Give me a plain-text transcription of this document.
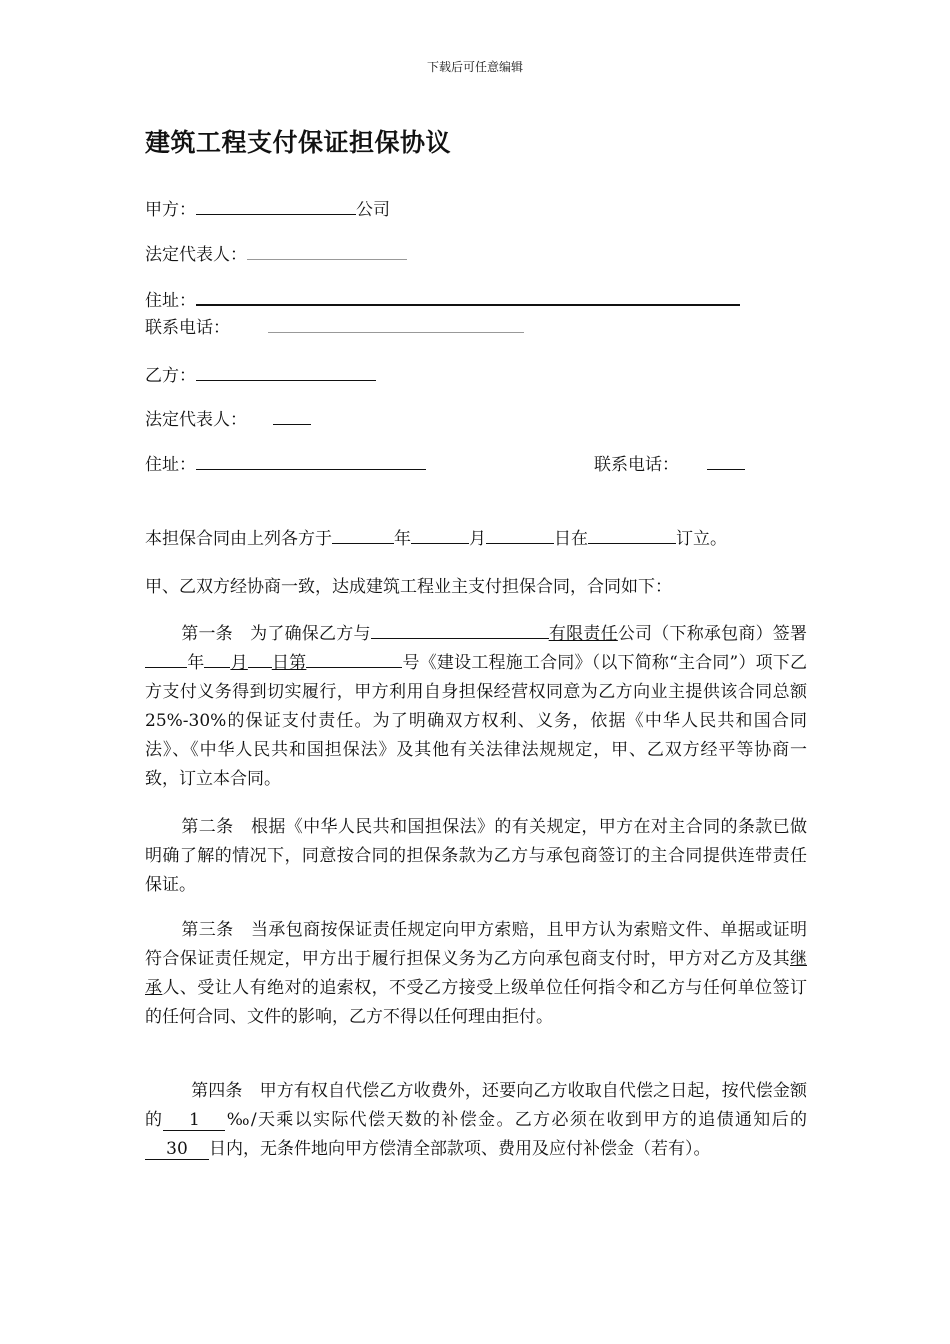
下载后可任意编辑
建筑工程支付保证担保协议
甲方：	公司
法定代表人：
住址：
联系电话：
乙方：
法定代表人：
住址：	联系电话：
本担保合同由上列各方于	年	月	日在	订立。
甲、乙双方经协商一致，达成建筑工程业主支付担保合同，合同如下：
第一条　 为了确保乙方与	有限责任公司（下称承包商）签署年 月 日第	号《建设工程施工合同》（以下简称“主合同”）项下乙方支付义务得到切实履行，甲方利用自身担保经营权同意为乙方向业主提供该合同总额25%-30%的保证支付责任。为了明确双方权利、义务，依据《中华人民共和国合同法》、《中华人民共和国担保法》及其他有关法律法规规定，甲、乙双方经平等协商一致，订立本合同。
第二条　 根据《中华人民共和国担保法》的有关规定，甲方在对主合同的条款已做明确了解的情况下，同意按合同的担保条款为乙方与承包商签订的主合同提供连带责任保证。
第三条　 当承包商按保证责任规定向甲方索赔，且甲方认为索赔文件、单据或证明符合保证责任规定，甲方出于履行担保义务为乙方向承包商支付时，甲方对乙方及其继承人、受让人有绝对的追索权，不受乙方接受上级单位任何指令和乙方与任何单位签订的任何合同、文件的影响，乙方不得以任何理由拒付。
第四条　 甲方有权自代偿乙方收费外，还要向乙方收取自代偿之日起，按代偿金额的 1 ‰/天乘以实际代偿天数的补偿金。乙方必须在收到甲方的追债通知后的30 日内，无条件地向甲方偿清全部款项、费用及应付补偿金（若有）。
